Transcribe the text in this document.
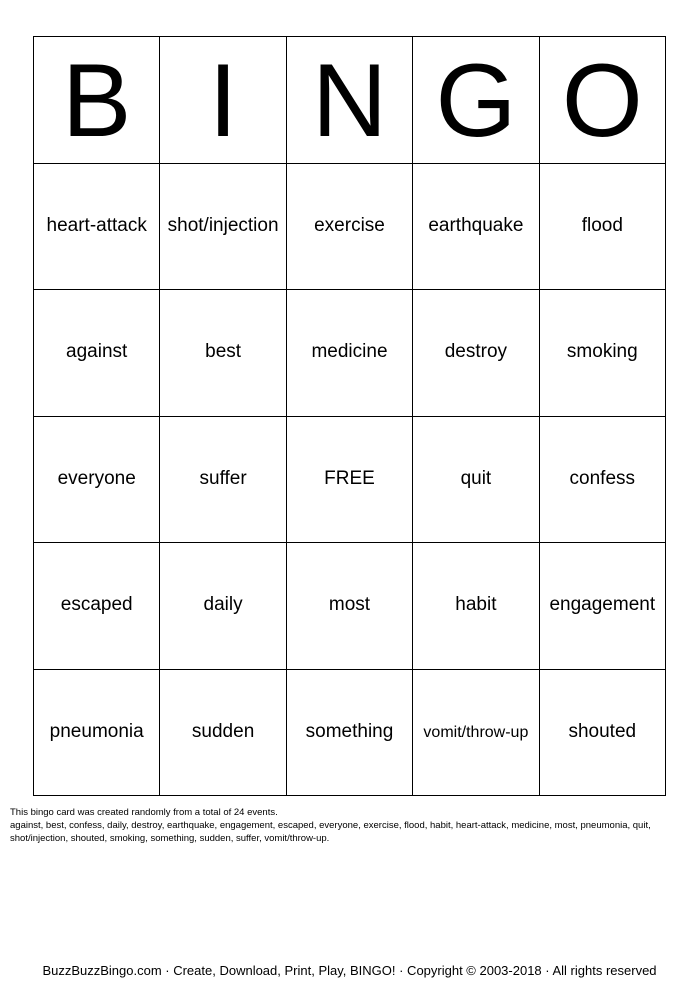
B I N G O
heart-attack	shot/injection	exercise	earthquake	flood
against	best	medicine	destroy	smoking
everyone	suffer	FREE	quit	confess
escaped	daily	most	habit	engagement
pneumonia	sudden	something	vomit/throw-up	shouted

This bingo card was created randomly from a total of 24 events.

against, best, confess, daily, destroy, earthquake, engagement, escaped, everyone, exercise, flood, habit, heart-attack, medicine, most, pneumonia, quit, shot/injection, shouted, smoking, something, sudden, suffer, vomit/throw-up.

BuzzBuzzBingo.com · Create, Download, Print, Play, BINGO! · Copyright © 2003-2018 · All rights reserved
